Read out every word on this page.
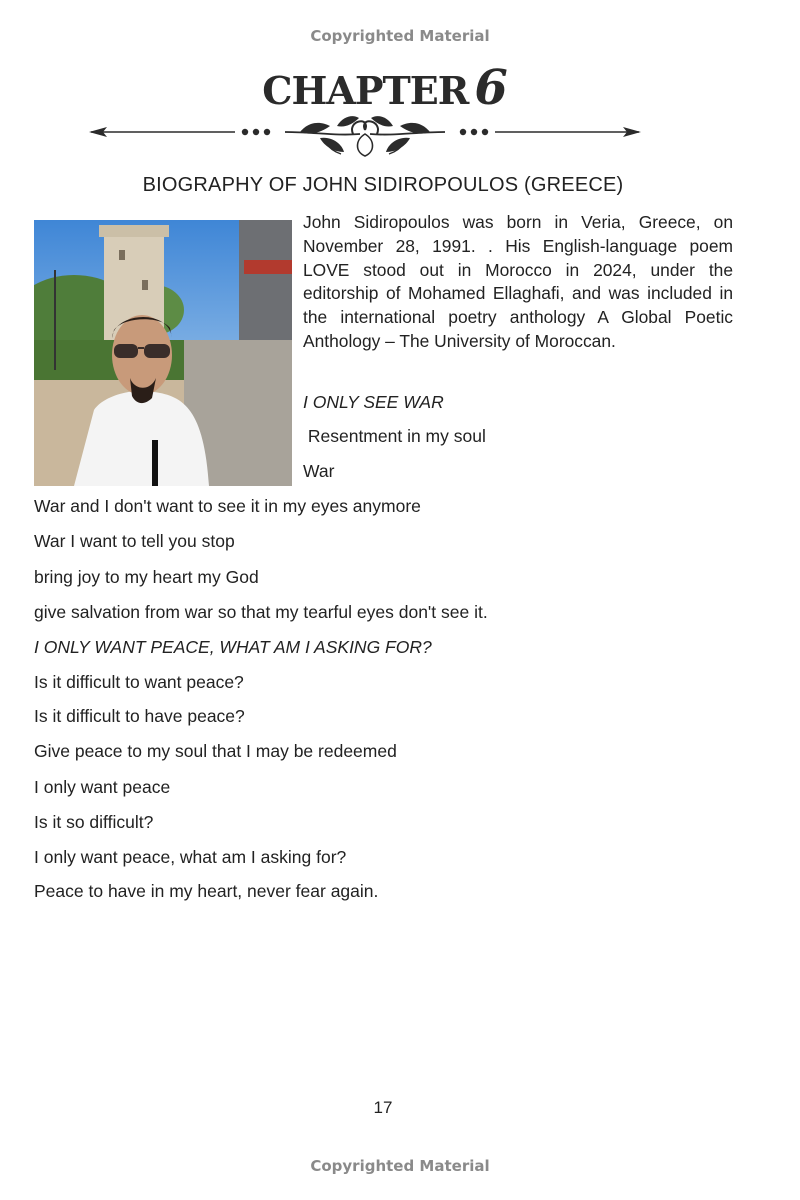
Copyrighted Material
CHAPTER 6
BIOGRAPHY OF JOHN SIDIROPOULOS (GREECE)
John Sidiropoulos was born in Veria, Greece, on November 28, 1991. . His English-language poem LOVE stood out in Morocco in 2024, under the editorship of Mohamed Ellaghafi, and was included in the international poetry anthology A Global Poetic Anthology – The University of Moroccan.
I ONLY SEE WAR
Resentment in my soul
War
War and I don't want to see it in my eyes anymore
War I want to tell you stop
bring joy to my heart my God
give salvation from war so that my tearful eyes don't see it.
I ONLY WANT PEACE, WHAT AM I ASKING FOR?
Is it difficult to want peace?
Is it difficult to have peace?
Give peace to my soul that I may be redeemed
I only want peace
Is it so difficult?
I only want peace, what am I asking for?
Peace to have in my heart, never fear again.
17
Copyrighted Material
